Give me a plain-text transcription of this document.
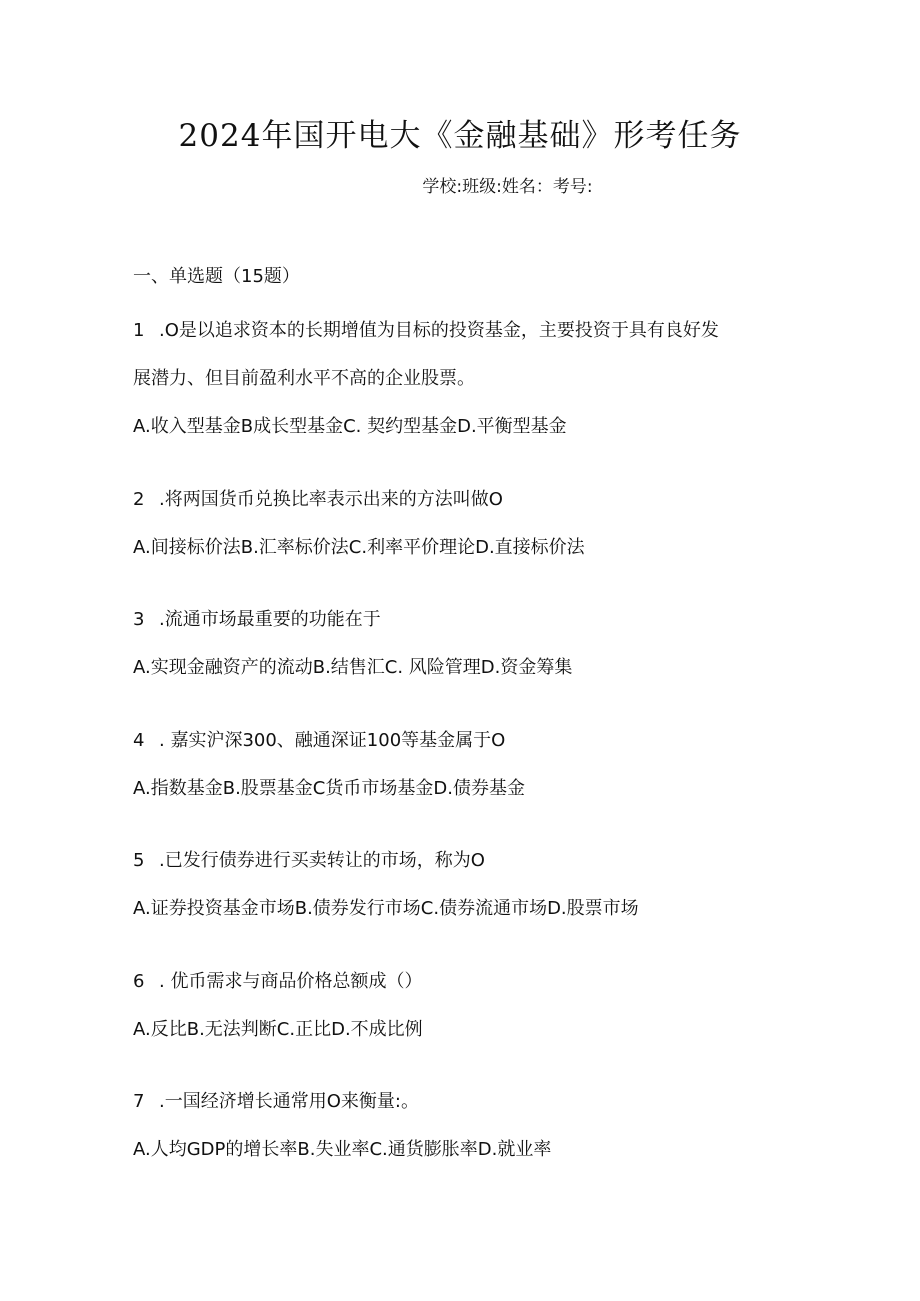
2024年国开电大《金融基础》形考任务
学校:班级:姓名：考号:
一、单选题（15题）
1 .O是以追求资本的长期增值为目标的投资基金，主要投资于具有良好发
展潜力、但目前盈利水平不高的企业股票。
A.收入型基金B成长型基金C. 契约型基金D.平衡型基金
2 .将两国货币兑换比率表示出来的方法叫做O
A.间接标价法B.汇率标价法C.利率平价理论D.直接标价法
3 .流通市场最重要的功能在于
A.实现金融资产的流动B.结售汇C. 风险管理D.资金筹集
4 . 嘉实沪深300、融通深证100等基金属于O
A.指数基金B.股票基金C货币市场基金D.债券基金
5 .已发行债券进行买卖转让的市场，称为O
A.证券投资基金市场B.债券发行市场C.债券流通市场D.股票市场
6 . 优币需求与商品价格总额成（）
A.反比B.无法判断C.正比D.不成比例
7 .一国经济增长通常用O来衡量:。
A.人均GDP的增长率B.失业率C.通货膨胀率D.就业率
